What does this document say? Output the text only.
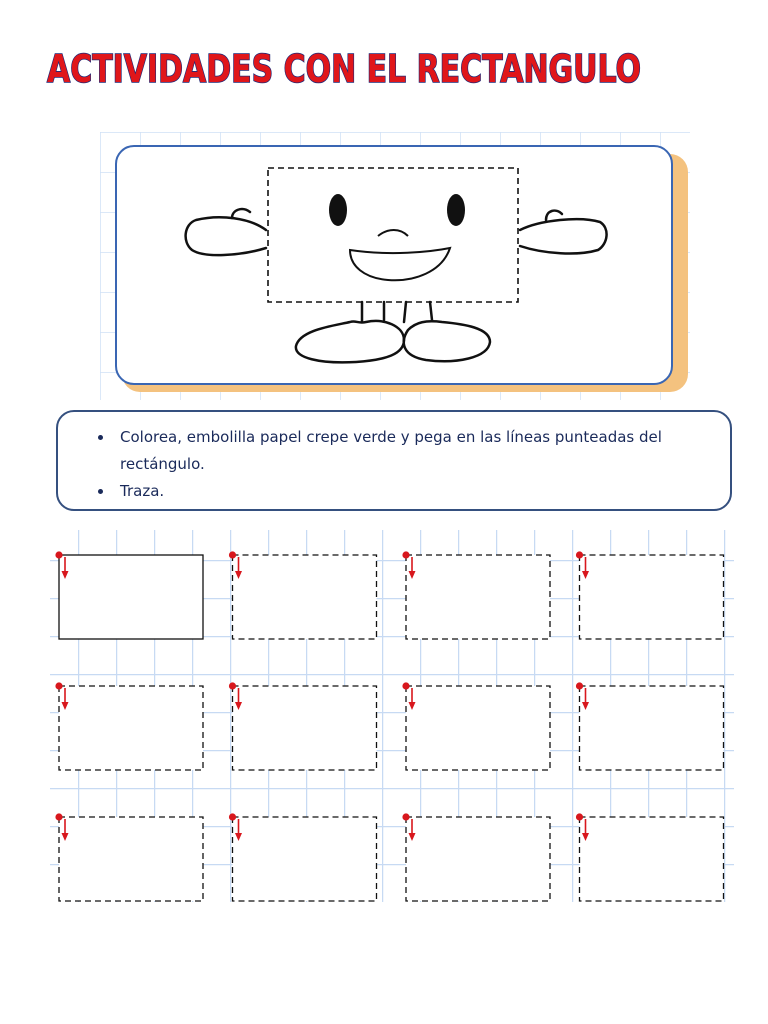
ACTIVIDADES CON EL RECTANGULO
Colorea, embolilla papel crepe verde y pega en las líneas punteadas del rectángulo.
Traza.
